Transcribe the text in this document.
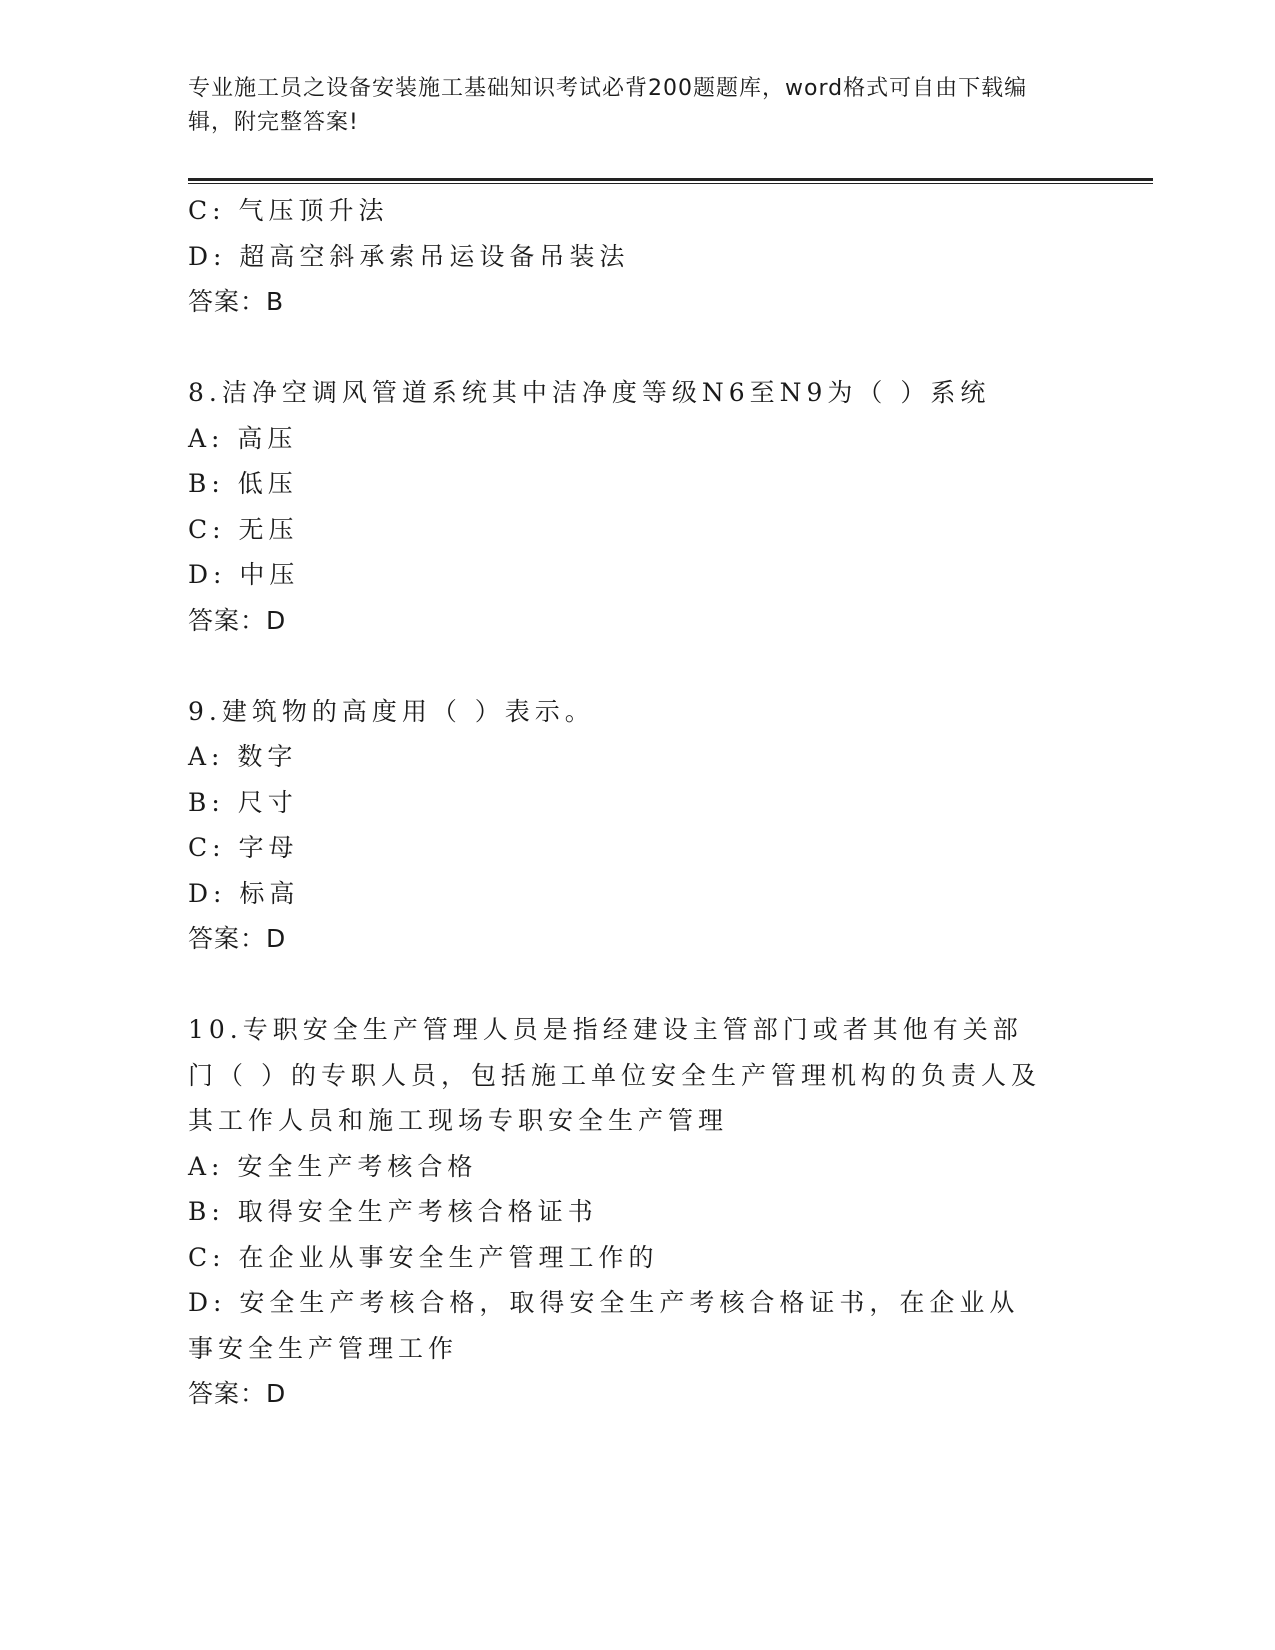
专业施工员之设备安装施工基础知识考试必背200题题库，word格式可自由下载编辑，附完整答案!
C: 气压顶升法
D: 超高空斜承索吊运设备吊装法
答案：B
8.洁净空调风管道系统其中洁净度等级N6至N9为（ ）系统
A: 高压
B: 低压
C: 无压
D: 中压
答案：D
9.建筑物的高度用（ ）表示。
A: 数字
B: 尺寸
C: 字母
D: 标高
答案：D
10.专职安全生产管理人员是指经建设主管部门或者其他有关部门（ ）的专职人员，包括施工单位安全生产管理机构的负责人及其工作人员和施工现场专职安全生产管理
A: 安全生产考核合格
B: 取得安全生产考核合格证书
C: 在企业从事安全生产管理工作的
D: 安全生产考核合格，取得安全生产考核合格证书，在企业从事安全生产管理工作
答案：D
